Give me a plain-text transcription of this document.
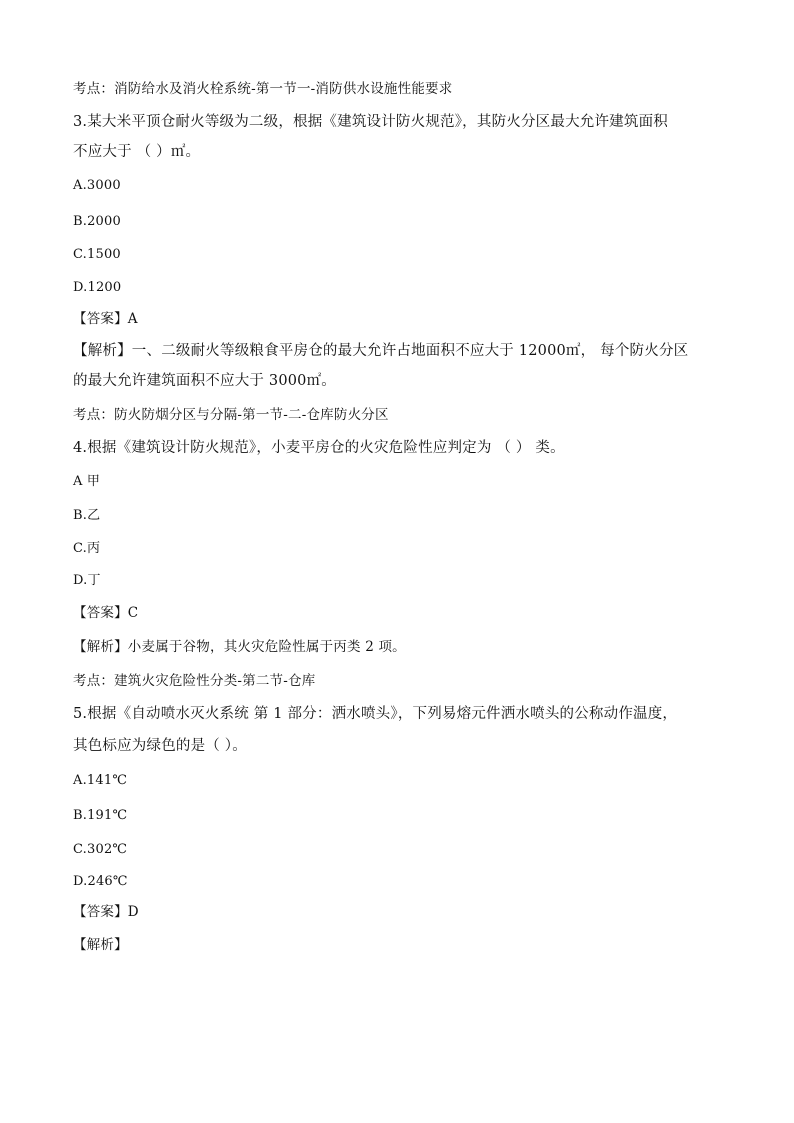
考点：消防给水及消火栓系统-第一节一-消防供水设施性能要求
3.某大米平顶仓耐火等级为二级，根据《建筑设计防火规范》，其防火分区最大允许建筑面积
不应大于 （ ）㎡。
A.3000
B.2000
C.1500
D.1200
【答案】A
【解析】一、二级耐火等级粮食平房仓的最大允许占地面积不应大于 12000㎡， 每个防火分区
的最大允许建筑面积不应大于 3000㎡。
考点：防火防烟分区与分隔-第一节-二-仓库防火分区
4.根据《建筑设计防火规范》，小麦平房仓的火灾危险性应判定为 （ ） 类。
A 甲
B.乙
C.丙
D.丁
【答案】C
【解析】小麦属于谷物，其火灾危险性属于丙类 2 项。
考点：建筑火灾危险性分类-第二节-仓库
5.根据《自动喷水灭火系统 第 1 部分：洒水喷头》，下列易熔元件洒水喷头的公称动作温度，
其色标应为绿色的是（ ）。
A.141℃
B.191℃
C.302℃
D.246℃
【答案】D
【解析】
